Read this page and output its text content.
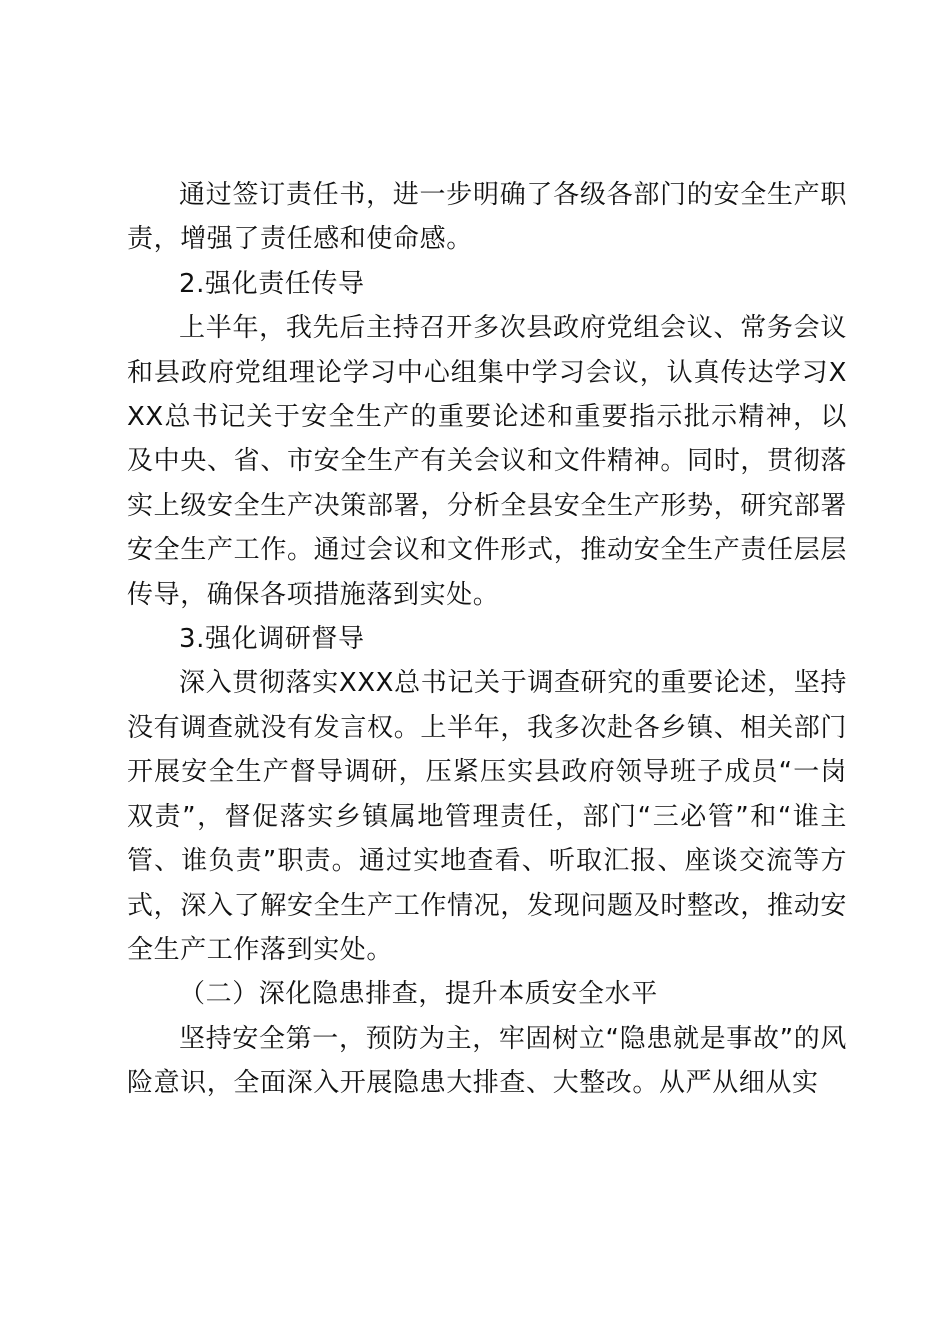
通过签订责任书，进一步明确了各级各部门的安全生产职责，增强了责任感和使命感。

2.强化责任传导

上半年，我先后主持召开多次县政府党组会议、常务会议和县政府党组理论学习中心组集中学习会议，认真传达学习XXX总书记关于安全生产的重要论述和重要指示批示精神，以及中央、省、市安全生产有关会议和文件精神。同时，贯彻落实上级安全生产决策部署，分析全县安全生产形势，研究部署安全生产工作。通过会议和文件形式，推动安全生产责任层层传导，确保各项措施落到实处。

3.强化调研督导

深入贯彻落实XXX总书记关于调查研究的重要论述，坚持没有调查就没有发言权。上半年，我多次赴各乡镇、相关部门开展安全生产督导调研，压紧压实县政府领导班子成员“一岗双责”，督促落实乡镇属地管理责任，部门“三必管”和“谁主管、谁负责”职责。通过实地查看、听取汇报、座谈交流等方式，深入了解安全生产工作情况，发现问题及时整改，推动安全生产工作落到实处。

（二）深化隐患排查，提升本质安全水平

坚持安全第一，预防为主，牢固树立“隐患就是事故”的风险意识，全面深入开展隐患大排查、大整改。从严从细从实
